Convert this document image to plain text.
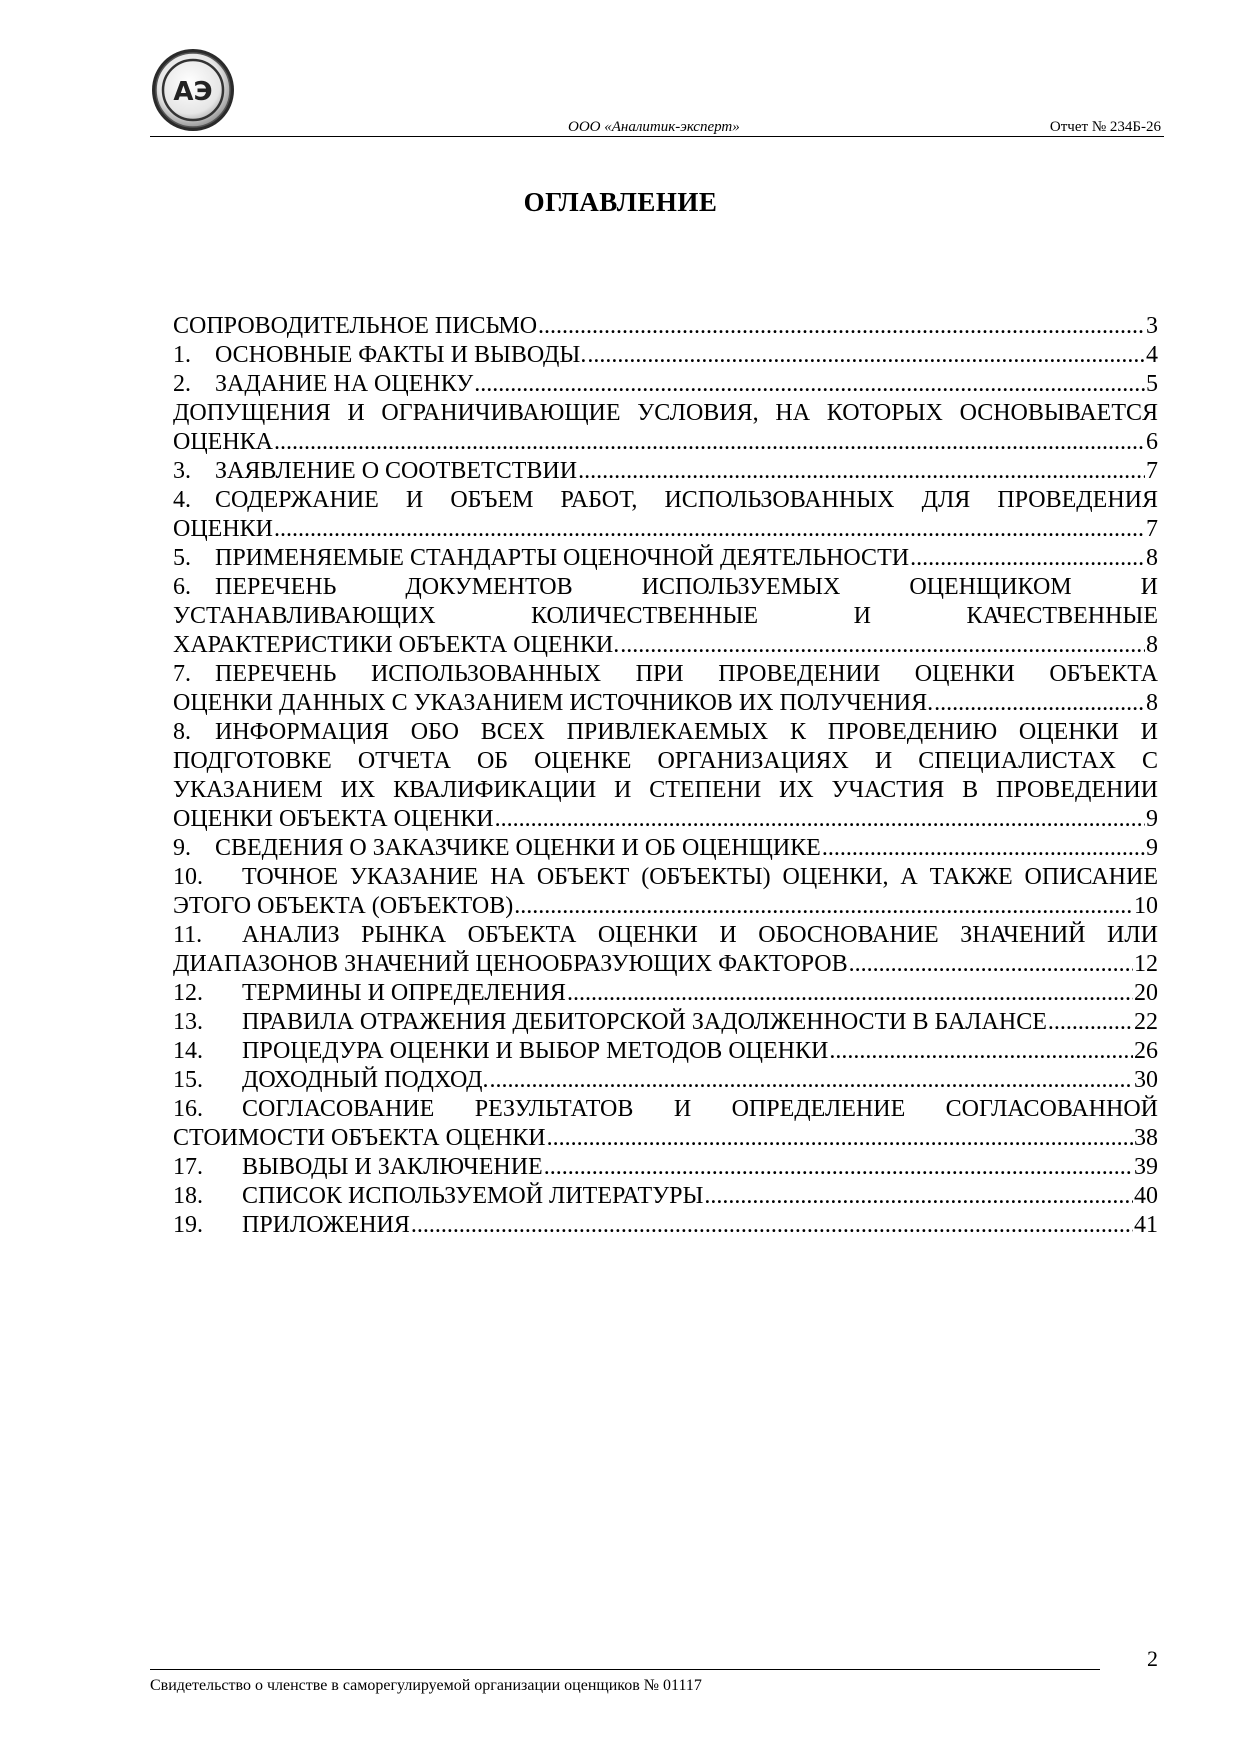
АЭ
ООО «Аналитик-эксперт»	Отчет № 234Б-26
ОГЛАВЛЕНИЕ
СОПРОВОДИТЕЛЬНОЕ ПИСЬМО .....	3
1. ОСНОВНЫЕ ФАКТЫ И ВЫВОДЫ. .....	4
2. ЗАДАНИЕ НА ОЦЕНКУ .....	5
ДОПУЩЕНИЯ И ОГРАНИЧИВАЮЩИЕ УСЛОВИЯ, НА КОТОРЫХ ОСНОВЫВАЕТСЯ
ОЦЕНКА .....	6
3. ЗАЯВЛЕНИЕ О СООТВЕТСТВИИ .....	7
4. СОДЕРЖАНИЕ И ОБЪЕМ РАБОТ, ИСПОЛЬЗОВАННЫХ ДЛЯ ПРОВЕДЕНИЯ
ОЦЕНКИ .....	7
5. ПРИМЕНЯЕМЫЕ СТАНДАРТЫ ОЦЕНОЧНОЙ ДЕЯТЕЛЬНОСТИ .....	8
6. ПЕРЕЧЕНЬ ДОКУМЕНТОВ ИСПОЛЬЗУЕМЫХ ОЦЕНЩИКОМ И
УСТАНАВЛИВАЮЩИХ КОЛИЧЕСТВЕННЫЕ И КАЧЕСТВЕННЫЕ
ХАРАКТЕРИСТИКИ ОБЪЕКТА ОЦЕНКИ. .....	8
7. ПЕРЕЧЕНЬ ИСПОЛЬЗОВАННЫХ ПРИ ПРОВЕДЕНИИ ОЦЕНКИ ОБЪЕКТА
ОЦЕНКИ ДАННЫХ С УКАЗАНИЕМ ИСТОЧНИКОВ ИХ ПОЛУЧЕНИЯ. .....	8
8. ИНФОРМАЦИЯ ОБО ВСЕХ ПРИВЛЕКАЕМЫХ К ПРОВЕДЕНИЮ ОЦЕНКИ И
ПОДГОТОВКЕ ОТЧЕТА ОБ ОЦЕНКЕ ОРГАНИЗАЦИЯХ И СПЕЦИАЛИСТАХ С
УКАЗАНИЕМ ИХ КВАЛИФИКАЦИИ И СТЕПЕНИ ИХ УЧАСТИЯ В ПРОВЕДЕНИИ
ОЦЕНКИ ОБЪЕКТА ОЦЕНКИ .....	9
9. СВЕДЕНИЯ О ЗАКАЗЧИКЕ ОЦЕНКИ И ОБ ОЦЕНЩИКЕ .....	9
10. ТОЧНОЕ УКАЗАНИЕ НА ОБЪЕКТ (ОБЪЕКТЫ) ОЦЕНКИ, А ТАКЖЕ ОПИСАНИЕ
ЭТОГО ОБЪЕКТА (ОБЪЕКТОВ) .....	10
11. АНАЛИЗ РЫНКА ОБЪЕКТА ОЦЕНКИ И ОБОСНОВАНИЕ ЗНАЧЕНИЙ ИЛИ
ДИАПАЗОНОВ ЗНАЧЕНИЙ ЦЕНООБРАЗУЮЩИХ ФАКТОРОВ .....	12
12. ТЕРМИНЫ И ОПРЕДЕЛЕНИЯ .....	20
13. ПРАВИЛА ОТРАЖЕНИЯ ДЕБИТОРСКОЙ ЗАДОЛЖЕННОСТИ В БАЛАНСЕ .....	22
14. ПРОЦЕДУРА ОЦЕНКИ И ВЫБОР МЕТОДОВ ОЦЕНКИ .....	26
15. ДОХОДНЫЙ ПОДХОД. .....	30
16. СОГЛАСОВАНИЕ РЕЗУЛЬТАТОВ И ОПРЕДЕЛЕНИЕ СОГЛАСОВАННОЙ
СТОИМОСТИ ОБЪЕКТА ОЦЕНКИ .....	38
17. ВЫВОДЫ И ЗАКЛЮЧЕНИЕ .....	39
18. СПИСОК ИСПОЛЬЗУЕМОЙ ЛИТЕРАТУРЫ .....	40
19. ПРИЛОЖЕНИЯ .....	41
2
Свидетельство о членстве в саморегулируемой организации оценщиков № 01117
